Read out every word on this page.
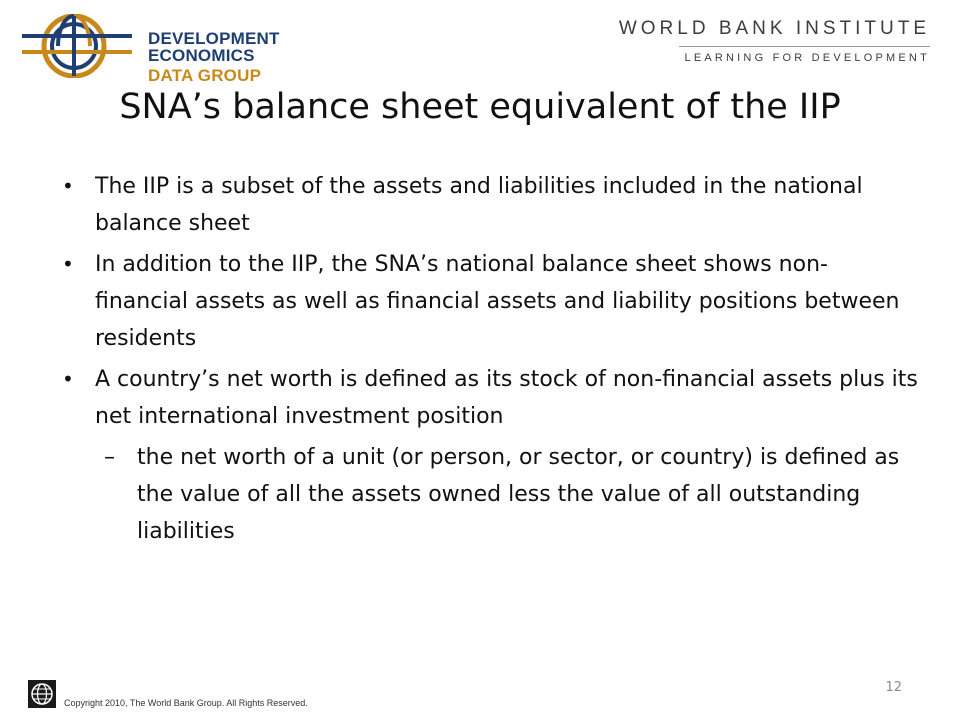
DEVELOPMENT ECONOMICS
DATA GROUP
WORLD BANK INSTITUTE
LEARNING FOR DEVELOPMENT
SNA’s balance sheet equivalent of the IIP
• The IIP is a subset of the assets and liabilities included in the national balance sheet
• In addition to the IIP, the SNA’s national balance sheet shows non-financial assets as well as financial assets and liability positions between residents
• A country’s net worth is defined as its stock of non-financial assets plus its net international investment position
– the net worth of a unit (or person, or sector, or country) is defined as the value of all the assets owned less the value of all outstanding liabilities
Copyright 2010, The World Bank Group. All Rights Reserved.
12
